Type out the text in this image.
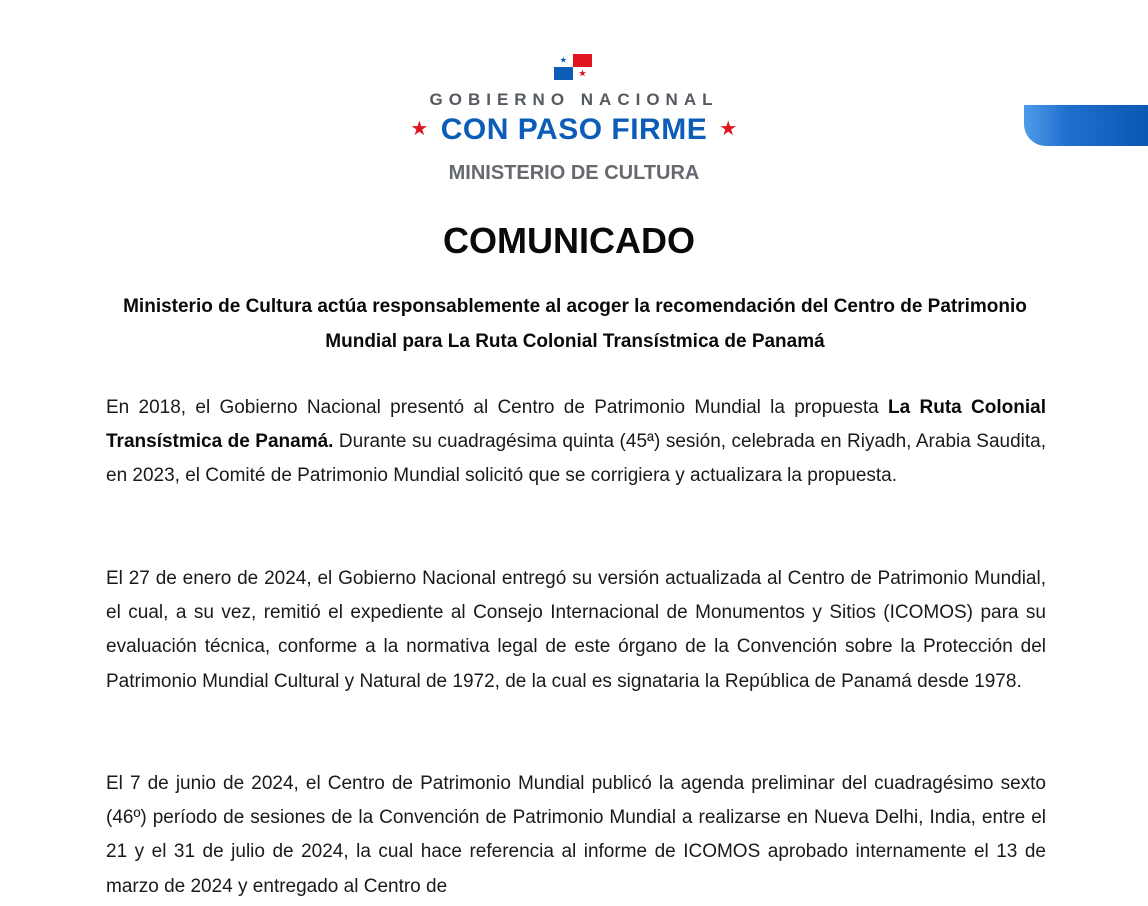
GOBIERNO NACIONAL
★ CON PASO FIRME ★
MINISTERIO DE CULTURA
COMUNICADO
Ministerio de Cultura actúa responsablemente al acoger la recomendación del Centro de Patrimonio Mundial para La Ruta Colonial Transístmica de Panamá
En 2018, el Gobierno Nacional presentó al Centro de Patrimonio Mundial la propuesta La Ruta Colonial Transístmica de Panamá. Durante su cuadragésima quinta (45ª) sesión, celebrada en Riyadh, Arabia Saudita, en 2023, el Comité de Patrimonio Mundial solicitó que se corrigiera y actualizara la propuesta.
El 27 de enero de 2024, el Gobierno Nacional entregó su versión actualizada al Centro de Patrimonio Mundial, el cual, a su vez, remitió el expediente al Consejo Internacional de Monumentos y Sitios (ICOMOS) para su evaluación técnica, conforme a la normativa legal de este órgano de la Convención sobre la Protección del Patrimonio Mundial Cultural y Natural de 1972, de la cual es signataria la República de Panamá desde 1978.
El 7 de junio de 2024, el Centro de Patrimonio Mundial publicó la agenda preliminar del cuadragésimo sexto (46º) período de sesiones de la Convención de Patrimonio Mundial a realizarse en Nueva Delhi, India, entre el 21 y el 31 de julio de 2024, la cual hace referencia al informe de ICOMOS aprobado internamente el 13 de marzo de 2024 y entregado al Centro de
